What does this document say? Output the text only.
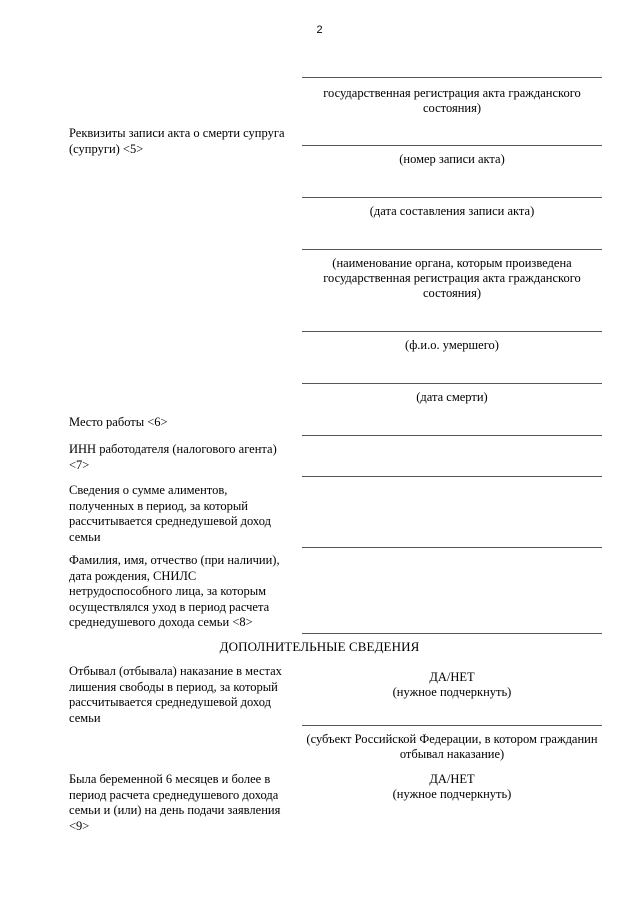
2
государственная регистрация акта гражданского состояния)
(номер записи акта)
(дата составления записи акта)
(наименование органа, которым произведена государственная регистрация акта гражданского состояния)
(ф.и.о. умершего)
(дата смерти)
ДА/НЕТ
(нужное подчеркнуть)
(субъект Российской Федерации, в котором гражданин отбывал наказание)
ДА/НЕТ
(нужное подчеркнуть)
Реквизиты записи акта о смерти супруга (супруги) <5>
Место работы <6>
ИНН работодателя (налогового агента) <7>
Сведения о сумме алиментов, полученных в период, за который рассчитывается среднедушевой доход семьи
Фамилия, имя, отчество (при наличии), дата рождения, СНИЛС нетрудоспособного лица, за которым осуществлялся уход в период расчета среднедушевого дохода семьи <8>
ДОПОЛНИТЕЛЬНЫЕ СВЕДЕНИЯ
Отбывал (отбывала) наказание в местах лишения свободы в период, за который рассчитывается среднедушевой доход семьи
Была беременной 6 месяцев и более в период расчета среднедушевого дохода семьи и (или) на день подачи заявления <9>
